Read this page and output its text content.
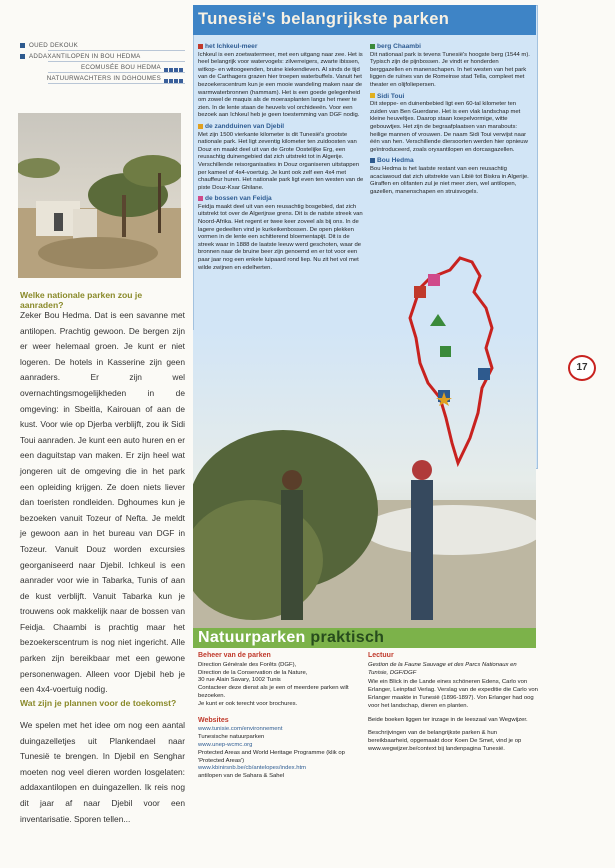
OUED DEKOUK
ADDAXANTILOPEN IN BOU HEDMA
ECOMUSÉE BOU HEDMA
NATUURWACHTERS IN DGHOUMES
Welke nationale parken zou je aanraden?
Zeker Bou Hedma. Dat is een savanne met antilopen. Prachtig gewoon. De bergen zijn er weer helemaal groen. Je kunt er niet logeren. De hotels in Kasserine zijn geen aanraders. Er zijn wel overnachtingsmogelijkheden in de omgeving: in Sbeitla, Kairouan of aan de kust. Voor wie op Djerba verblijft, zou ik Sidi Toui aanraden. Je kunt een auto huren en er een daguitstap van maken. Er zijn heel wat jongeren uit de omgeving die in het park een opleiding krijgen. Ze doen niets liever dan toeristen rondleiden. Dghoumes kun je bezoeken vanuit Tozeur of Nefta. Je meldt je gewoon aan in het bureau van DGF in Tozeur. Vanuit Douz worden excursies georganiseerd naar Djebil. Ichkeul is een aanrader voor wie in Tabarka, Tunis of aan de kust verblijft. Vanuit Tabarka kun je trouwens ook makkelijk naar de bossen van Feidja. Chaambi is prachtig maar het bezoekerscentrum is nog niet ingericht. Alle parken zijn bereikbaar met een gewone personenwagen. Alleen voor Djebil heb je een 4x4-voertuig nodig.
Wat zijn je plannen voor de toekomst?
We spelen met het idee om nog een aantal duingazelletjes uit Plankendael naar Tunesië te brengen. In Djebil en Senghar moeten nog veel dieren worden losgelaten: addaxantilopen en duingazellen. Ik reis nog dit jaar af naar Djebil voor een inventarisatie. Sporen tellen...
Tunesië's belangrijkste parken
het Ichkeul-meer

Ichkeul is een zoetwatermeer, met een uitgang naar zee. Het is heel belangrijk voor watervogels: zilverreigers, zwarte ibissen, witkop- en witoogeenden, bruine kiekendieven. Al sinds de tijd van de Carthagers grazen hier troepen waterbuffels. Vanuit het bezoekerscentrum kun je een mooie wandeling maken naar de warmwaterbronnen (hammam). Het is een goede gelegenheid om zowel de maquis als de moerasplanten langs het meer te zien. In de lente staan de heuvels vol orchideeën. Voor een bezoek aan Ichkeul heb je geen toestemming van DGF nodig.

de zandduinen van Djebil

Met zijn 1500 vierkante kilometer is dit Tunesië's grootste nationale park. Het ligt zeventig kilometer ten zuidoosten van Douz en maakt deel uit van de Grote Oostelijke Erg, een reusachtig duinengebied dat zich uitstrekt tot in Algerije. Verschillende reisorganisaties in Douz organiseren uitstappen per kameel of 4x4-voertuig. Je kunt ook zelf een 4x4 met chauffeur huren. Het nationale park ligt even ten westen van de piste Douz-Ksar Ghilane.

de bossen van Feidja

Feidja maakt deel uit van een reusachtig bosgebied, dat zich uitstrekt tot over de Algerijnse grens. Dit is de natste streek van Noord-Afrika. Het regent er twee keer zoveel als bij ons. In de lagere gedeelten vind je kurkeikenbossen. De open plekken vormen in de lente een schitterend bloementapijt. Dit is de streek waar in 1888 de laatste leeuw werd geschoten, waar de bronnen naar de bruine beer zijn genoemd en er tot voor een paar jaar nog een enkele luipaard rond liep. Nu zit het vol met wilde zwijnen en edelherten.

berg Chaambi

Dit nationaal park is tevens Tunesië's hoogste berg (1544 m). Typisch zijn de pijnbossen. Je vindt er honderden berggazellen en manenschapen. In het westen van het park liggen de ruïnes van de Romeinse stad Tella, compleet met theater en olijfoliepersen.

Sidi Toui

Dit steppe- en duinenbebied ligt een 60-tal kilometer ten zuiden van Ben Guerdane. Het is een vlak landschap met kleine heuveltjes. Daarop staan koepelvormige, witte gebouwtjes. Het zijn de begraafplaatsen van marabouts: heilige mannen of vrouwen. De naam Sidi Toui verwijst naar één van hen. Verschillende diersoorten werden hier opnieuw geïntroduceerd, zoals oryxantilopen en dorcasgazellen.

Bou Hedma

Bou Hedma is het laatste restant van een reusachtig acaciawoud dat zich uitstrekte van Libië tot Biskra in Algerije. Giraffen en olifanten zul je niet meer zien, wel antilopen, gazellen, manenschapen en struisvogels.

17
Natuurparken praktisch
Beheer van de parken
Direction Générale des Forêts (DGF),
Direction de la Conservation de la Nature,
30 rue Alain Savary, 1002 Tunis
Contacteer deze dienst als je een of meerdere parken wilt bezoeken.
Je kunt er ook terecht voor brochures.
Websites
www.tunisie.com/environnement
Tunesische natuurparken
www.unep-wcmc.org
Protected Areas and World Heritage Programme (klik op 'Protected Areas')
www.kbinirsnb.be/cb/antelopes/index.htm
antilopen van de Sahara & Sahel
Lectuur
Gestion de la Faune Sauvage et des Parcs Nationaux en Tunisie, DGF/DGF
Wie ein Blick in die Lande eines schöneren Edens, Carlo von Erlanger, Leinpfad Verlag. Verslag van de expeditie die Carlo von Erlanger maakte in Tunesië (1896-1897). Von Erlanger had oog voor het landschap, dieren en planten.
Beide boeken liggen ter inzage in de leeszaal van Wegwijzer.
Beschrijvingen van de belangrijkste parken & hun bereikbaarheid, opgemaakt door Koen De Smet, vind je op www.wegwijzer.be/context bij landenpagina Tunesië.
